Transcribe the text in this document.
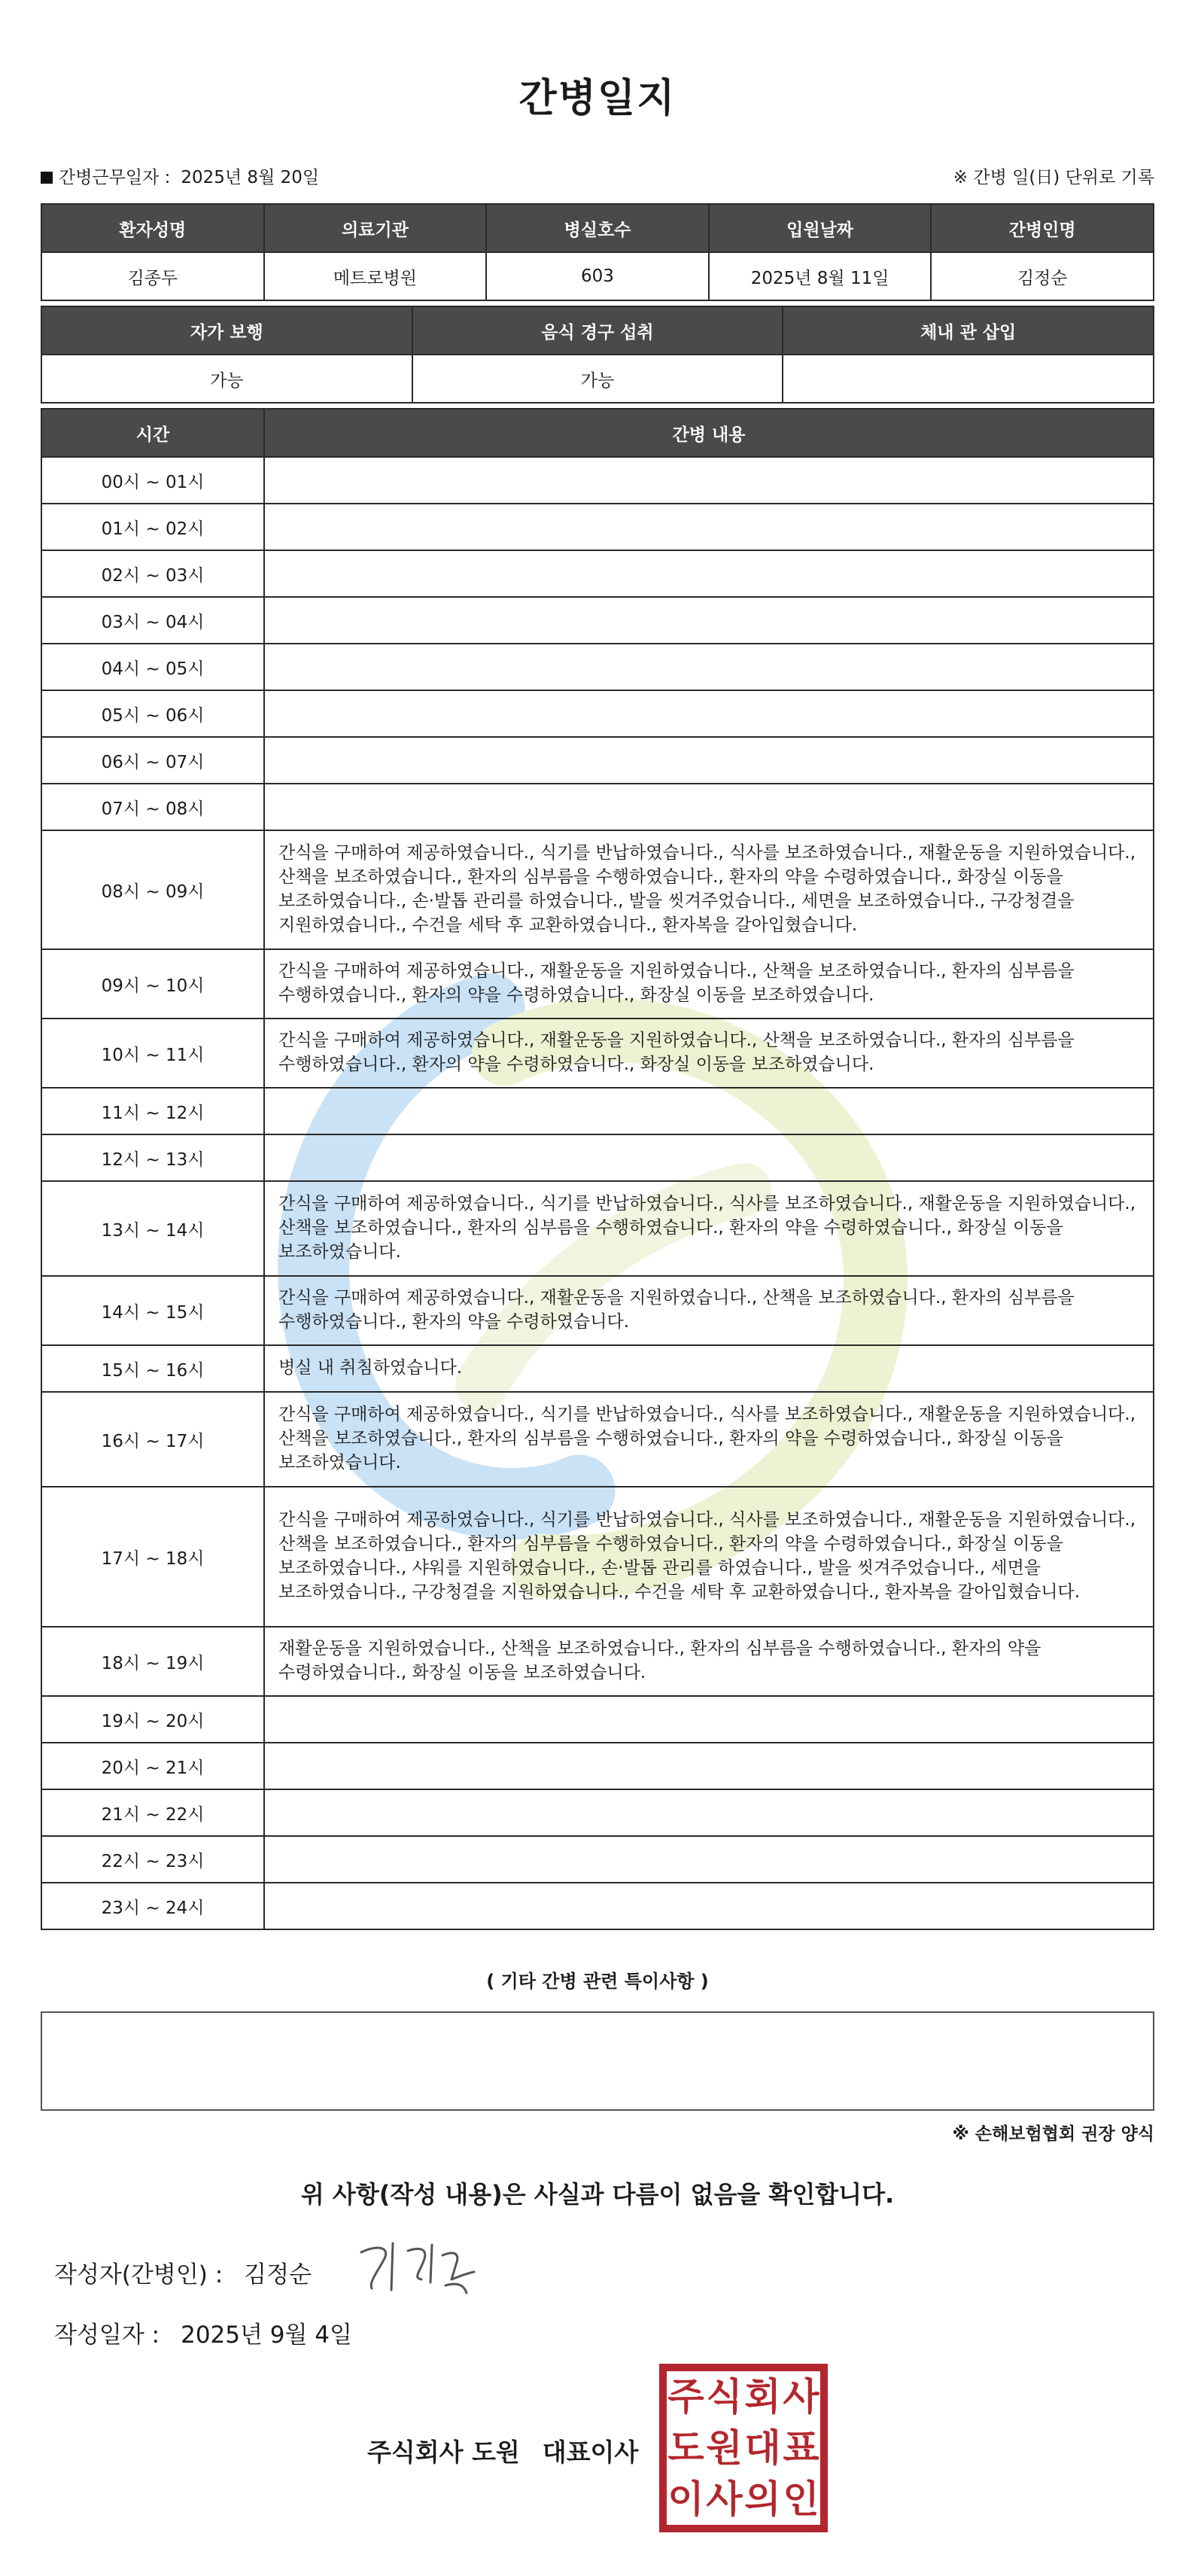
간병일지
간병근무일자 : 2025년 8월 20일	※ 간병 일(日) 단위로 기록
환자성명	의료기관	병실호수	입원날짜	간병인명
김종두	메트로병원	603	2025년 8월 11일	김정순
자가 보행	음식 경구 섭취	체내 관 삽입
가능	가능	
시간	간병 내용
00시 ~ 01시	
01시 ~ 02시	
02시 ~ 03시	
03시 ~ 04시	
04시 ~ 05시	
05시 ~ 06시	
06시 ~ 07시	
07시 ~ 08시	
08시 ~ 09시	간식을 구매하여 제공하였습니다., 식기를 반납하였습니다., 식사를 보조하였습니다., 재활운동을 지원하였습니다., 산책을 보조하였습니다., 환자의 심부름을 수행하였습니다., 환자의 약을 수령하였습니다., 화장실 이동을 보조하였습니다., 손·발톱 관리를 하였습니다., 발을 씻겨주었습니다., 세면을 보조하였습니다., 구강청결을 지원하였습니다., 수건을 세탁 후 교환하였습니다., 환자복을 갈아입혔습니다.
09시 ~ 10시	간식을 구매하여 제공하였습니다., 재활운동을 지원하였습니다., 산책을 보조하였습니다., 환자의 심부름을 수행하였습니다., 환자의 약을 수령하였습니다., 화장실 이동을 보조하였습니다.
10시 ~ 11시	간식을 구매하여 제공하였습니다., 재활운동을 지원하였습니다., 산책을 보조하였습니다., 환자의 심부름을 수행하였습니다., 환자의 약을 수령하였습니다., 화장실 이동을 보조하였습니다.
11시 ~ 12시	
12시 ~ 13시	
13시 ~ 14시	간식을 구매하여 제공하였습니다., 식기를 반납하였습니다., 식사를 보조하였습니다., 재활운동을 지원하였습니다., 산책을 보조하였습니다., 환자의 심부름을 수행하였습니다., 환자의 약을 수령하였습니다., 화장실 이동을 보조하였습니다.
14시 ~ 15시	간식을 구매하여 제공하였습니다., 재활운동을 지원하였습니다., 산책을 보조하였습니다., 환자의 심부름을 수행하였습니다., 환자의 약을 수령하였습니다.
15시 ~ 16시	병실 내 취침하였습니다.
16시 ~ 17시	간식을 구매하여 제공하였습니다., 식기를 반납하였습니다., 식사를 보조하였습니다., 재활운동을 지원하였습니다., 산책을 보조하였습니다., 환자의 심부름을 수행하였습니다., 환자의 약을 수령하였습니다., 화장실 이동을 보조하였습니다.
17시 ~ 18시	간식을 구매하여 제공하였습니다., 식기를 반납하였습니다., 식사를 보조하였습니다., 재활운동을 지원하였습니다., 산책을 보조하였습니다., 환자의 심부름을 수행하였습니다., 환자의 약을 수령하였습니다., 화장실 이동을 보조하였습니다., 샤워를 지원하였습니다., 손·발톱 관리를 하였습니다., 발을 씻겨주었습니다., 세면을 보조하였습니다., 구강청결을 지원하였습니다., 수건을 세탁 후 교환하였습니다., 환자복을 갈아입혔습니다.
18시 ~ 19시	재활운동을 지원하였습니다., 산책을 보조하였습니다., 환자의 심부름을 수행하였습니다., 환자의 약을 수령하였습니다., 화장실 이동을 보조하였습니다.
19시 ~ 20시	
20시 ~ 21시	
21시 ~ 22시	
22시 ~ 23시	
23시 ~ 24시	
( 기타 간병 관련 특이사항 )
※ 손해보험협회 권장 양식
위 사항(작성 내용)은 사실과 다름이 없음을 확인합니다.
작성자(간병인) : 김정순
작성일자 : 2025년 9월 4일
주식회사 도원 대표이사
주 식 회 사
도 원 대 표
이 사 의 인
